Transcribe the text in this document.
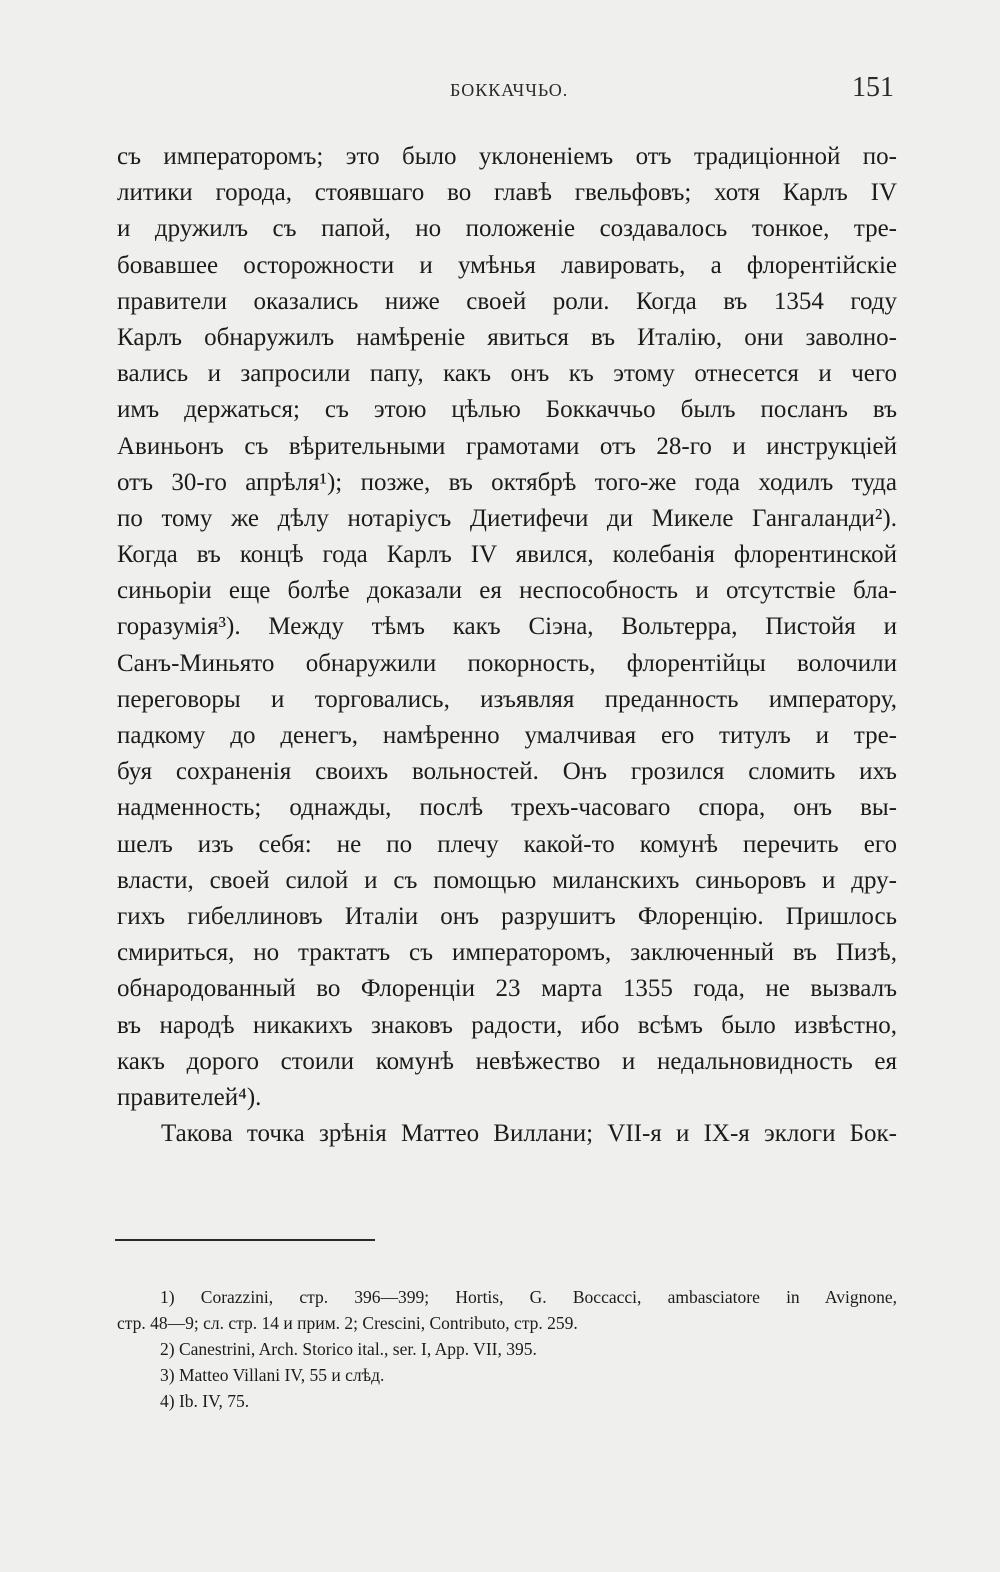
БОККАЧЧЬО.	151
съ императоромъ; это было уклоненіемъ отъ традиціонной по-
литики города, стоявшаго во главѣ гвельфовъ; хотя Карлъ IV
и дружилъ съ папой, но положеніе создавалось тонкое, тре-
бовавшее осторожности и умѣнья лавировать, а флорентійскіе
правители оказались ниже своей роли. Когда въ 1354 году
Карлъ обнаружилъ намѣреніе явиться въ Италію, они заволно-
вались и запросили папу, какъ онъ къ этому отнесется и чего
имъ держаться; съ этою цѣлью Боккаччьо былъ посланъ въ
Авиньонъ съ вѣрительными грамотами отъ 28-го и инструкціей
отъ 30-го апрѣля¹); позже, въ октябрѣ того-же года ходилъ туда
по тому же дѣлу нотаріусъ Диетифечи ди Микеле Гангаланди²).
Когда въ концѣ года Карлъ IV явился, колебанія флорентинской
синьоріи еще болѣе доказали ея неспособность и отсутствіе бла-
горазумія³). Между тѣмъ какъ Сіэна, Вольтерра, Пистойя и
Санъ-Миньято обнаружили покорность, флорентійцы волочили
переговоры и торговались, изъявляя преданность императору,
падкому до денегъ, намѣренно умалчивая его титулъ и тре-
буя сохраненія своихъ вольностей. Онъ грозился сломить ихъ
надменность; однажды, послѣ трехъ-часоваго спора, онъ вы-
шелъ изъ себя: не по плечу какой-то комунѣ перечить его
власти, своей силой и съ помощью миланскихъ синьоровъ и дру-
гихъ гибеллиновъ Италіи онъ разрушитъ Флоренцію. Пришлось
смириться, но трактатъ съ императоромъ, заключенный въ Пизѣ,
обнародованный во Флоренціи 23 марта 1355 года, не вызвалъ
въ народѣ никакихъ знаковъ радости, ибо всѣмъ было извѣстно,
какъ дорого стоили комунѣ невѣжество и недальновидность ея
правителей⁴).
Такова точка зрѣнія Маттео Виллани; VII-я и IX-я эклоги Бок-
1) Corazzini, стр. 396—399; Hortis, G. Boccacci, ambasciatore in Avignone,
стр. 48—9; сл. стр. 14 и прим. 2; Crescini, Contributo, стр. 259.
2) Canestrini, Arch. Storico ital., ser. I, App. VII, 395.
3) Matteo Villani IV, 55 и слѣд.
4) Ib. IV, 75.
